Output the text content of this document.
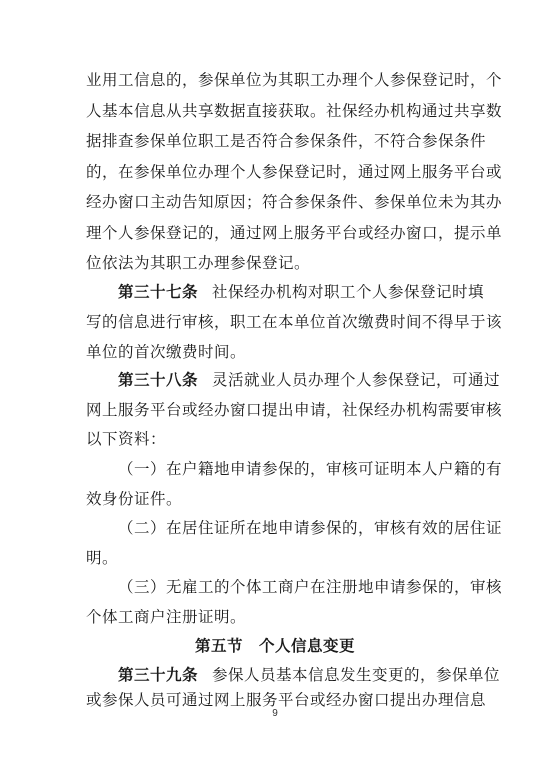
业用工信息的，参保单位为其职工办理个人参保登记时，个
人基本信息从共享数据直接获取。社保经办机构通过共享数
据排查参保单位职工是否符合参保条件，不符合参保条件
的，在参保单位办理个人参保登记时，通过网上服务平台或
经办窗口主动告知原因；符合参保条件、参保单位未为其办
理个人参保登记的，通过网上服务平台或经办窗口，提示单
位依法为其职工办理参保登记。
第三十七条 社保经办机构对职工个人参保登记时填
写的信息进行审核，职工在本单位首次缴费时间不得早于该
单位的首次缴费时间。
第三十八条 灵活就业人员办理个人参保登记，可通过
网上服务平台或经办窗口提出申请，社保经办机构需要审核
以下资料：
（一）在户籍地申请参保的，审核可证明本人户籍的有
效身份证件。
（二）在居住证所在地申请参保的，审核有效的居住证
明。
（三）无雇工的个体工商户在注册地申请参保的，审核
个体工商户注册证明。
第五节　个人信息变更
第三十九条 参保人员基本信息发生变更的，参保单位
或参保人员可通过网上服务平台或经办窗口提出办理信息
9
